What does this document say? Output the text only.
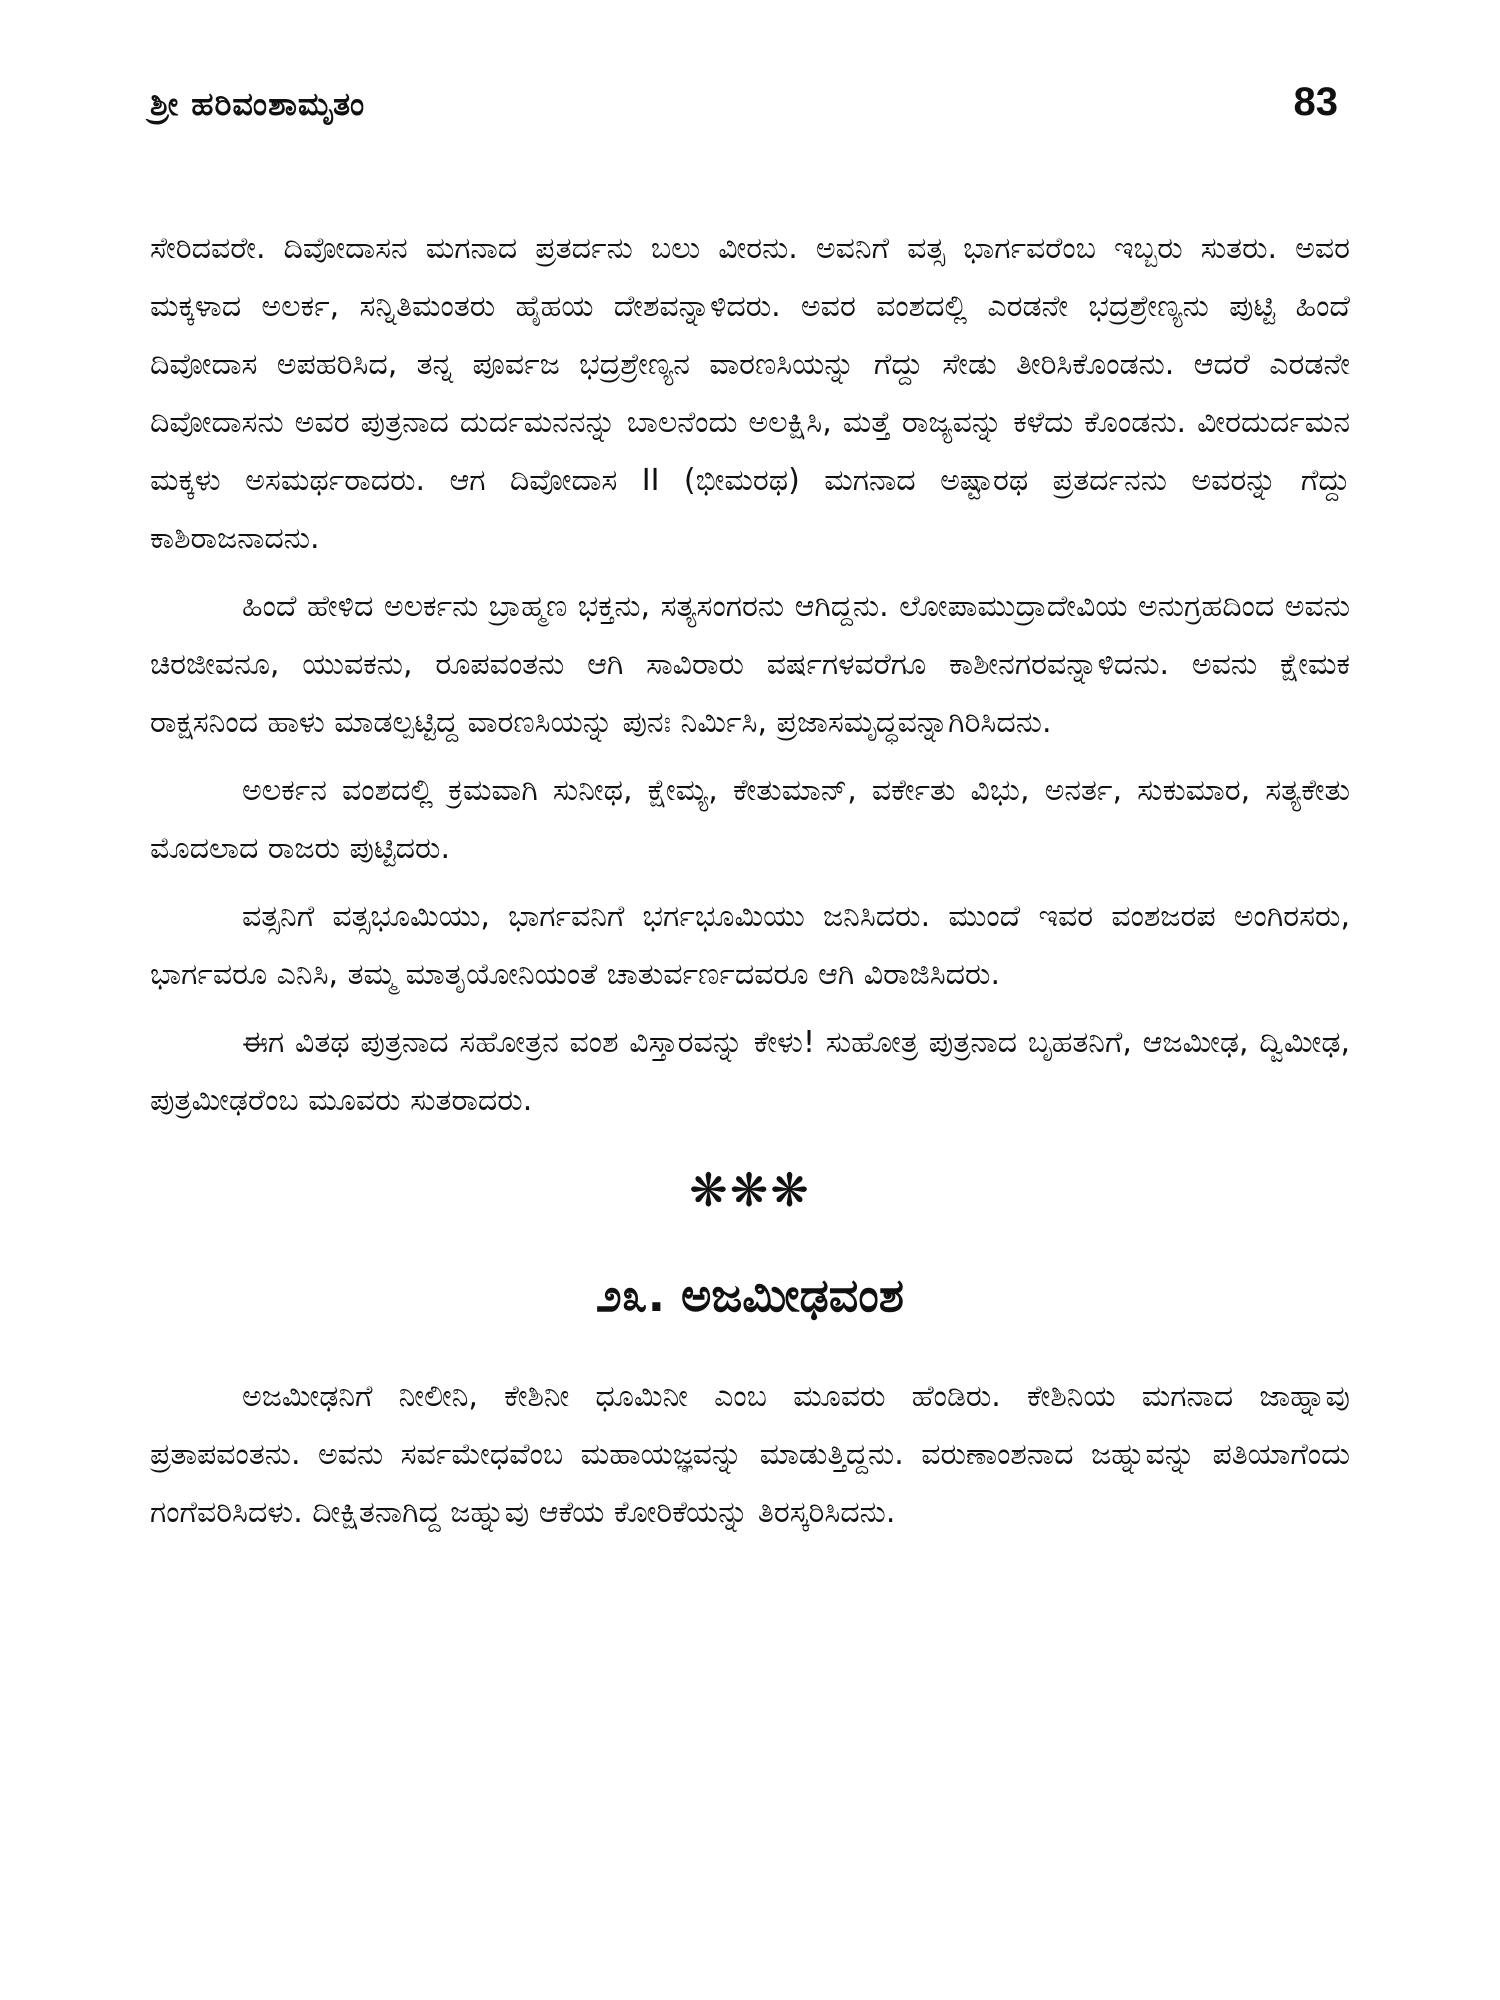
ಶ್ರೀ ಹರಿವಂಶಾಮೃತಂ	83

ಸೇರಿದವರೇ. ದಿವೋದಾಸನ ಮಗನಾದ ಪ್ರತರ್ದನು ಬಲು ವೀರನು. ಅವನಿಗೆ ವತ್ಸ ಭಾರ್ಗವರೆಂಬ ಇಬ್ಬರು ಸುತರು. ಅವರ ಮಕ್ಕಳಾದ ಅಲರ್ಕ, ಸನ್ನಿತಿಮಂತರು ಹೈಹಯ ದೇಶವನ್ನಾಳಿದರು. ಅವರ ವಂಶದಲ್ಲಿ ಎರಡನೇ ಭದ್ರಶ್ರೇಣ್ಯನು ಪುಟ್ಟಿ ಹಿಂದೆ ದಿವೋದಾಸ ಅಪಹರಿಸಿದ, ತನ್ನ ಪೂರ್ವಜ ಭದ್ರಶ್ರೇಣ್ಯನ ವಾರಣಸಿಯನ್ನು ಗೆದ್ದು ಸೇಡು ತೀರಿಸಿಕೊಂಡನು. ಆದರೆ ಎರಡನೇ ದಿವೋದಾಸನು ಅವರ ಪುತ್ರನಾದ ದುರ್ದಮನನನ್ನು ಬಾಲನೆಂದು ಅಲಕ್ಷಿಸಿ, ಮತ್ತೆ ರಾಜ್ಯವನ್ನು ಕಳೆದು ಕೊಂಡನು. ವೀರದುರ್ದಮನ ಮಕ್ಕಳು ಅಸಮರ್ಥರಾದರು. ಆಗ ದಿವೋದಾಸ II (ಭೀಮರಥ) ಮಗನಾದ ಅಷ್ಟಾರಥ ಪ್ರತರ್ದನನು ಅವರನ್ನು ಗೆದ್ದು ಕಾಶಿರಾಜನಾದನು.

ಹಿಂದೆ ಹೇಳಿದ ಅಲರ್ಕನು ಬ್ರಾಹ್ಮಣ ಭಕ್ತನು, ಸತ್ಯಸಂಗರನು ಆಗಿದ್ದನು. ಲೋಪಾಮುದ್ರಾದೇವಿಯ ಅನುಗ್ರಹದಿಂದ ಅವನು ಚಿರಜೀವನೂ, ಯುವಕನು, ರೂಪವಂತನು ಆಗಿ ಸಾವಿರಾರು ವರ್ಷಗಳವರೆಗೂ ಕಾಶೀನಗರವನ್ನಾಳಿದನು. ಅವನು ಕ್ಷೇಮಕ ರಾಕ್ಷಸನಿಂದ ಹಾಳು ಮಾಡಲ್ಪಟ್ಟಿದ್ದ ವಾರಣಸಿಯನ್ನು ಪುನಃ ನಿರ್ಮಿಸಿ, ಪ್ರಜಾಸಮೃದ್ಧವನ್ನಾಗಿರಿಸಿದನು.

ಅಲರ್ಕನ ವಂಶದಲ್ಲಿ ಕ್ರಮವಾಗಿ ಸುನೀಥ, ಕ್ಷೇಮ್ಯ, ಕೇತುಮಾನ್, ವರ್ಕೇತು ವಿಭು, ಅನರ್ತ, ಸುಕುಮಾರ, ಸತ್ಯಕೇತು ಮೊದಲಾದ ರಾಜರು ಪುಟ್ಟಿದರು.

ವತ್ಸನಿಗೆ ವತ್ಸಭೂಮಿಯು, ಭಾರ್ಗವನಿಗೆ ಭರ್ಗಭೂಮಿಯು ಜನಿಸಿದರು. ಮುಂದೆ ಇವರ ವಂಶಜರಪ ಅಂಗಿರಸರು, ಭಾರ್ಗವರೂ ಎನಿಸಿ, ತಮ್ಮ ಮಾತೃಯೋನಿಯಂತೆ ಚಾತುರ್ವರ್ಣದವರೂ ಆಗಿ ವಿರಾಜಿಸಿದರು.

ಈಗ ವಿತಥ ಪುತ್ರನಾದ ಸಹೋತ್ರನ ವಂಶ ವಿಸ್ತಾರವನ್ನು ಕೇಳು! ಸುಹೋತ್ರ ಪುತ್ರನಾದ ಬೃಹತನಿಗೆ, ಆಜಮೀಢ, ದ್ವಿಮೀಢ, ಪುತ್ರಮೀಢರೆಂಬ ಮೂವರು ಸುತರಾದರು.

❋❋❋
೨೩. ಅಜಮೀಢವಂಶ

ಅಜಮೀಢನಿಗೆ ನೀಲೀನಿ, ಕೇಶಿನೀ ಧೂಮಿನೀ ಎಂಬ ಮೂವರು ಹೆಂಡಿರು. ಕೇಶಿನಿಯ ಮಗನಾದ ಜಾಹ್ನಾವು ಪ್ರತಾಪವಂತನು. ಅವನು ಸರ್ವಮೇಧವೆಂಬ ಮಹಾಯಜ್ಞವನ್ನು ಮಾಡುತ್ತಿದ್ದನು. ವರುಣಾಂಶನಾದ ಜಹ್ನುವನ್ನು ಪತಿಯಾಗೆಂದು ಗಂಗೆವರಿಸಿದಳು. ದೀಕ್ಷಿತನಾಗಿದ್ದ ಜಹ್ನುವು ಆಕೆಯ ಕೋರಿಕೆಯನ್ನು ತಿರಸ್ಕರಿಸಿದನು.
